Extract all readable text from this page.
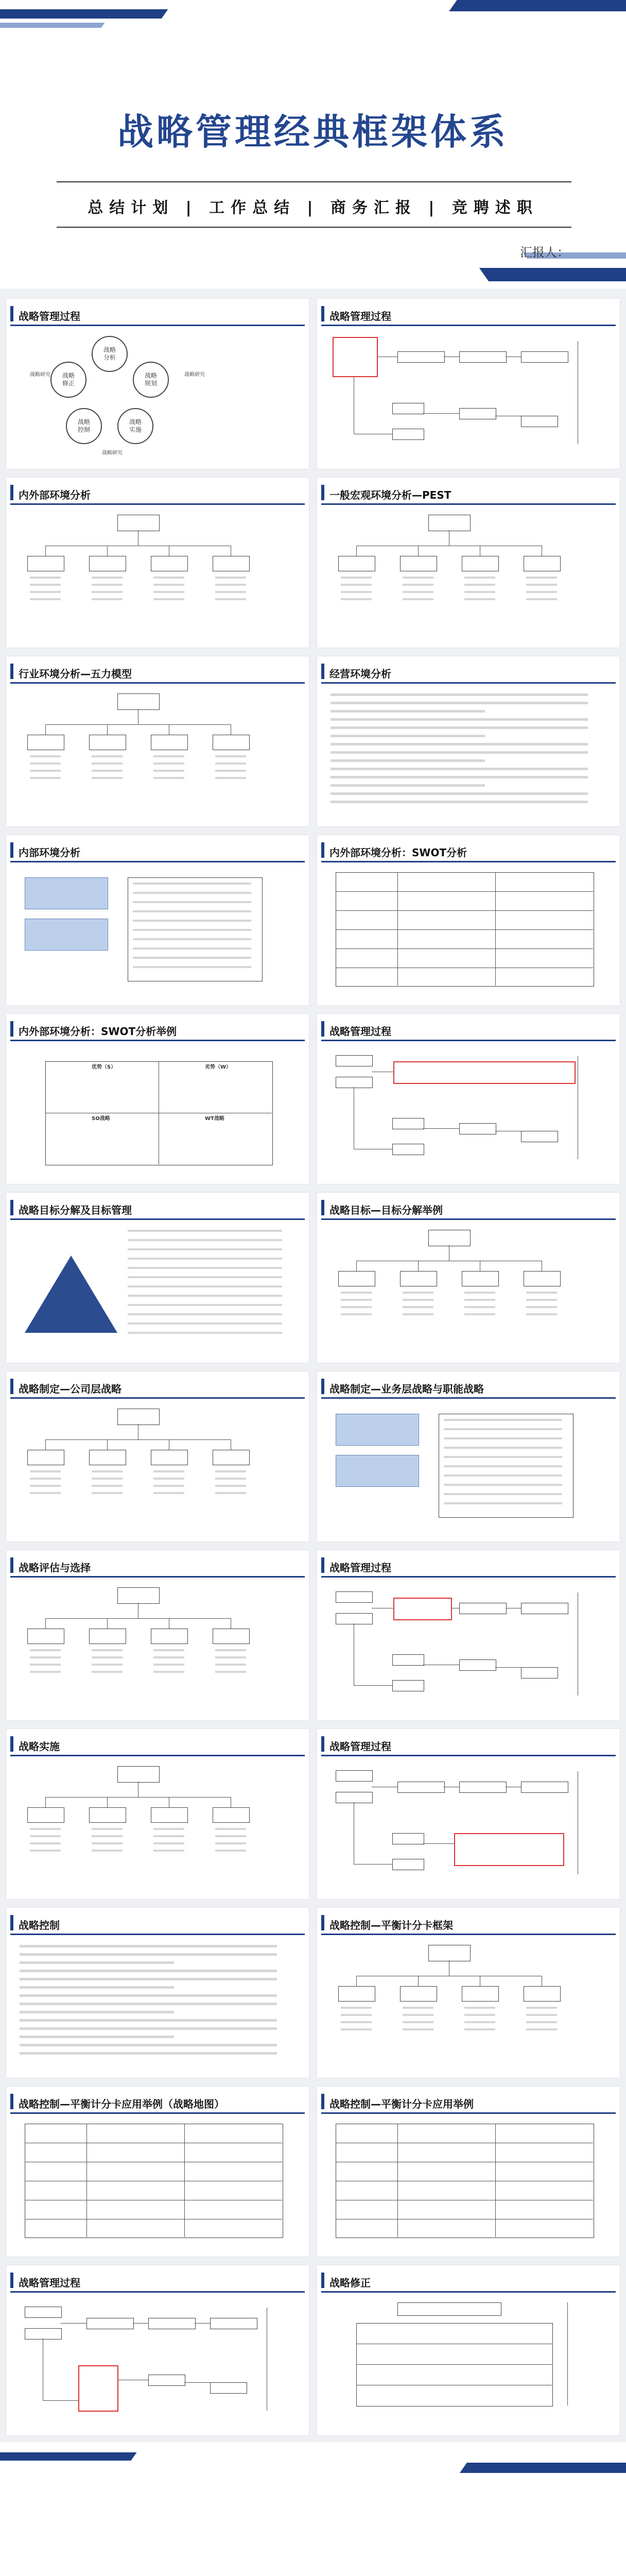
战略管理经典框架体系
总结计划 | 工作总结 | 商务汇报 | 竞聘述职
汇报人：
战略管理过程
战略
分析
战略
规划
战略
实施
战略
控制
战略
修正
战略研究
战略研究
战略研究
战略管理过程
内外部环境分析	一般宏观环境分析—PEST
行业环境分析—五力模型	经营环境分析
内部环境分析	内外部环境分析：SWOT分析
内外部环境分析：SWOT分析举例
优势（S）	劣势（W）
SO战略	WT战略
战略管理过程
战略目标分解及目标管理	战略目标—目标分解举例
战略制定—公司层战略	战略制定—业务层战略与职能战略
战略评估与选择	战略管理过程
战略实施	战略管理过程
战略控制	战略控制—平衡计分卡框架
战略控制—平衡计分卡应用举例（战略地图）	战略控制—平衡计分卡应用举例
战略管理过程	战略修正
